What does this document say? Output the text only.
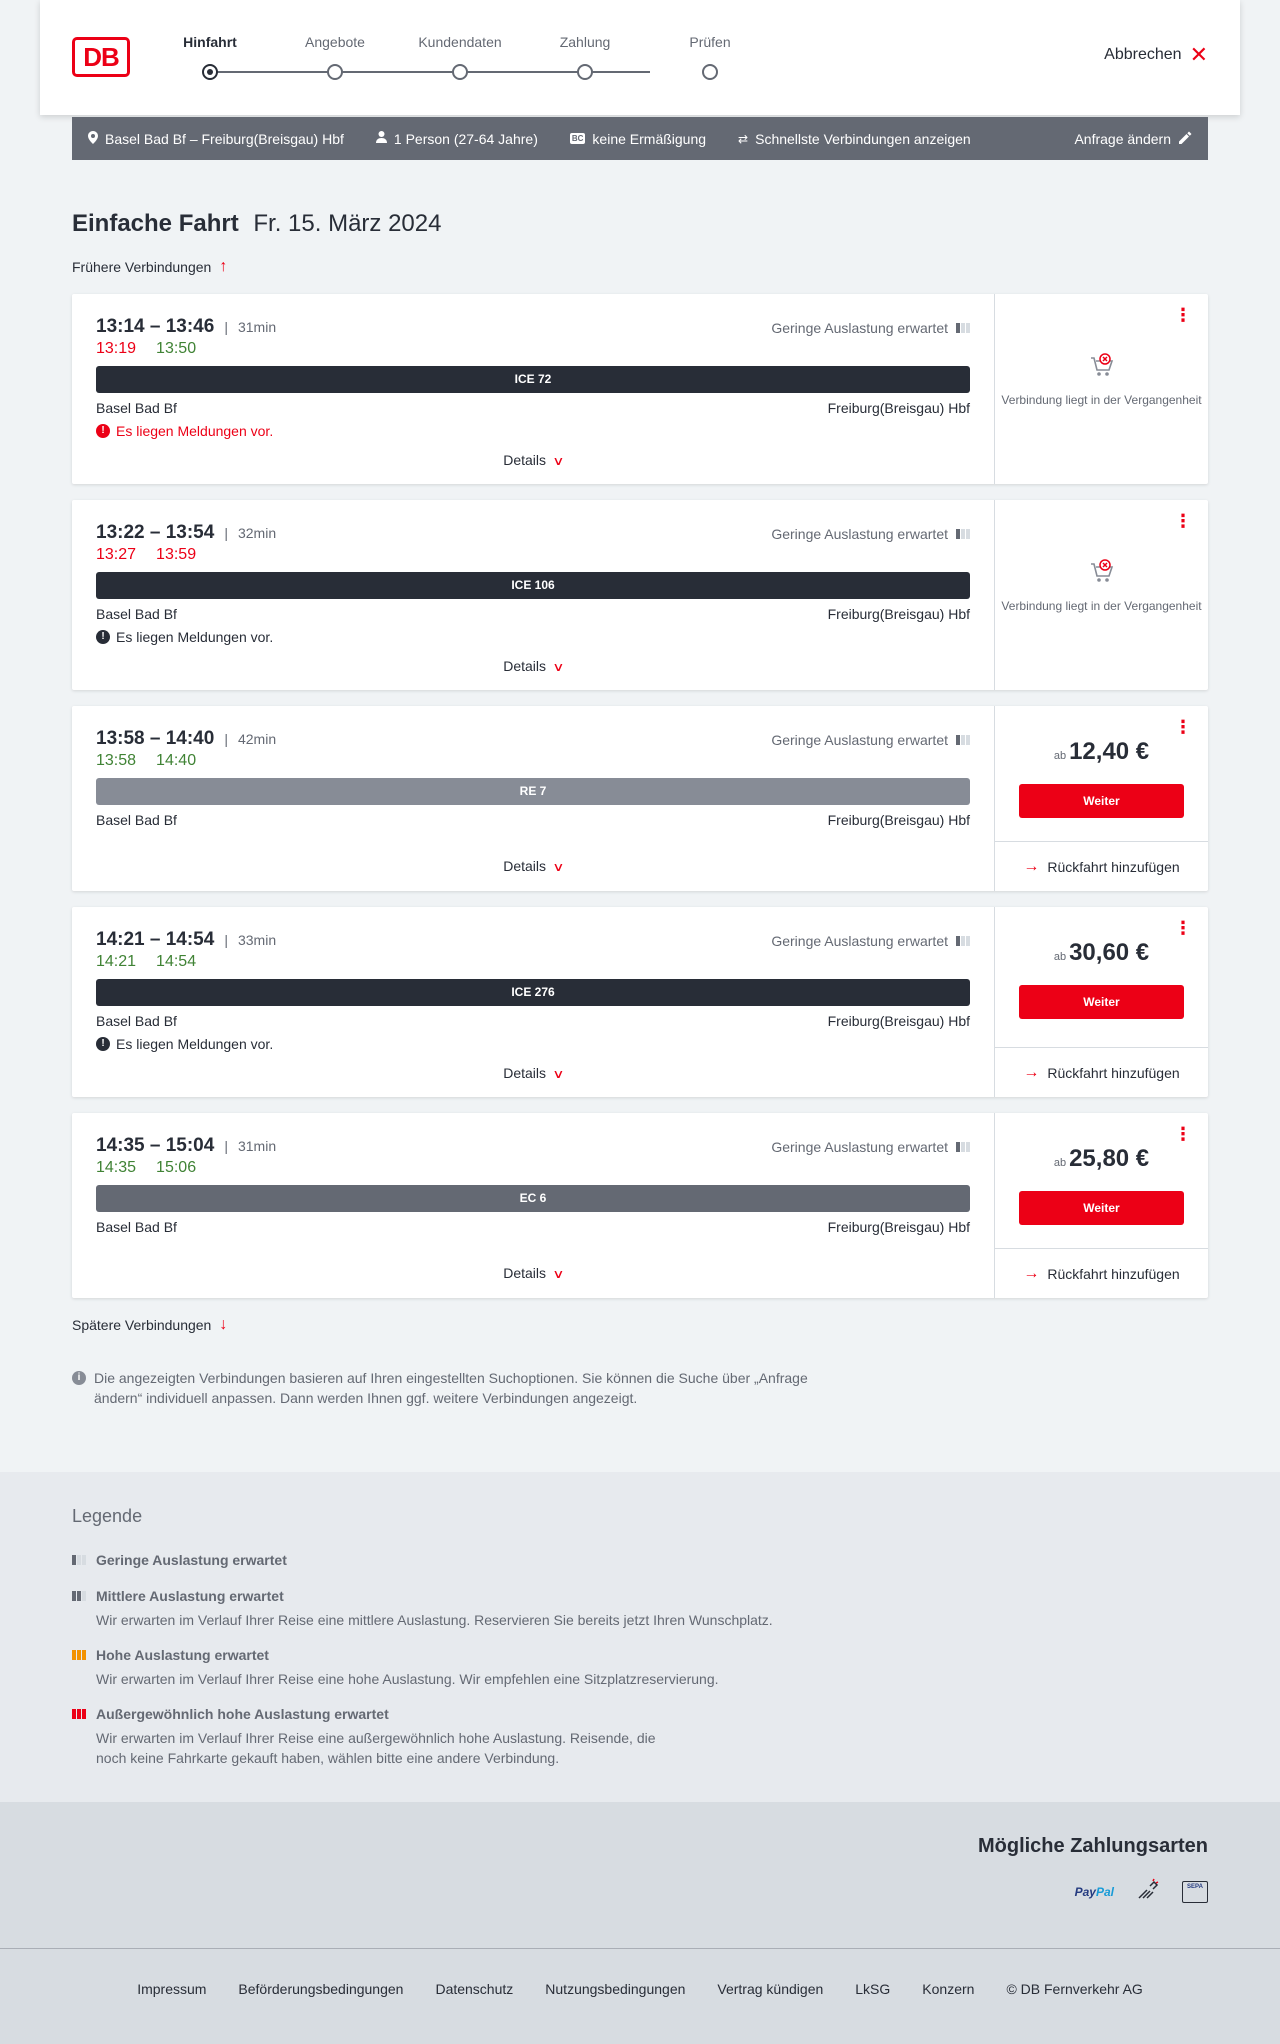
DB	Hinfahrt	Angebote	Kundendaten	Zahlung	Prüfen
Abbrechen ✕
Basel Bad Bf – Freiburg(Breisgau) Hbf	1 Person (27-64 Jahre)	BC keine Ermäßigung	⇄ Schnellste Verbindungen anzeigen	Anfrage ändern
Einfache Fahrt Fr. 15. März 2024
Frühere Verbindungen ↑
13:14 – 13:46 | 31min
13:19 13:50
Geringe Auslastung erwartet
ICE 72
Basel Bad Bf	Freiburg(Breisgau) Hbf
! Es liegen Meldungen vor.
Details ∨
⋮
Verbindung liegt in der Vergangenheit
13:22 – 13:54 | 32min
13:27 13:59
Geringe Auslastung erwartet
ICE 106
Basel Bad Bf	Freiburg(Breisgau) Hbf
! Es liegen Meldungen vor.
Details ∨
⋮
Verbindung liegt in der Vergangenheit
13:58 – 14:40 | 42min
13:58 14:40
Geringe Auslastung erwartet
RE 7
Basel Bad Bf	Freiburg(Breisgau) Hbf
Details ∨
⋮
ab 12,40 €
Weiter
→ Rückfahrt hinzufügen
14:21 – 14:54 | 33min
14:21 14:54
Geringe Auslastung erwartet
ICE 276
Basel Bad Bf	Freiburg(Breisgau) Hbf
! Es liegen Meldungen vor.
Details ∨
⋮
ab 30,60 €
Weiter
→ Rückfahrt hinzufügen
14:35 – 15:04 | 31min
14:35 15:06
Geringe Auslastung erwartet
EC 6
Basel Bad Bf	Freiburg(Breisgau) Hbf
Details ∨
⋮
ab 25,80 €
Weiter
→ Rückfahrt hinzufügen
Spätere Verbindungen ↓
i Die angezeigten Verbindungen basieren auf Ihren eingestellten Suchoptionen. Sie können die Suche über „Anfrage ändern“ individuell anpassen. Dann werden Ihnen ggf. weitere Verbindungen angezeigt.
Legende
Geringe Auslastung erwartet
Mittlere Auslastung erwartet
Wir erwarten im Verlauf Ihrer Reise eine mittlere Auslastung. Reservieren Sie bereits jetzt Ihren Wunschplatz.
Hohe Auslastung erwartet
Wir erwarten im Verlauf Ihrer Reise eine hohe Auslastung. Wir empfehlen eine Sitzplatzreservierung.
Außergewöhnlich hohe Auslastung erwartet
Wir erwarten im Verlauf Ihrer Reise eine außergewöhnlich hohe Auslastung. Reisende, die noch keine Fahrkarte gekauft haben, wählen bitte eine andere Verbindung.
Mögliche Zahlungsarten
PayPal	SEPA
Impressum Beförderungsbedingungen Datenschutz Nutzungsbedingungen Vertrag kündigen LkSG Konzern © DB Fernverkehr AG
